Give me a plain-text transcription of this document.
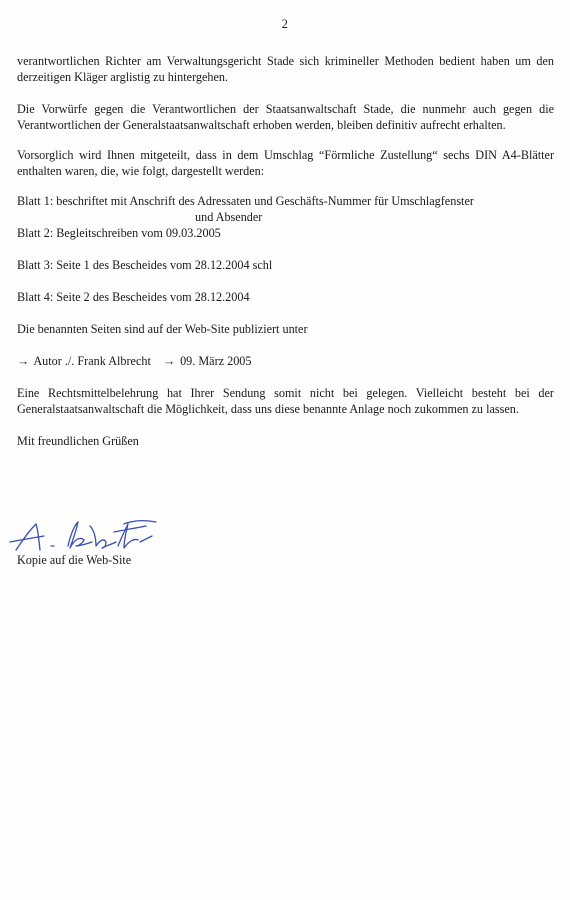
2

verantwortlichen Richter am Verwaltungsgericht Stade sich krimineller Methoden bedient haben um den derzeitigen Kläger arglistig zu hintergehen.

Die Vorwürfe gegen die Verantwortlichen der Staatsanwaltschaft Stade, die nunmehr auch gegen die Verantwortlichen der Generalstaatsanwaltschaft erhoben werden, bleiben definitiv aufrecht erhalten.

Vorsorglich wird Ihnen mitgeteilt, dass in dem Umschlag “Förmliche Zustellung“ sechs DIN A4-Blätter enthalten waren, die, wie folgt, dargestellt werden:

Blatt 1: beschriftet mit Anschrift des Adressaten und Geschäfts-Nummer für Umschlagfenster

und Absender

Blatt 2: Begleitschreiben vom 09.03.2005

Blatt 3: Seite 1 des Bescheides vom 28.12.2004 schl

Blatt 4: Seite 2 des Bescheides vom 28.12.2004

Die benannten Seiten sind auf der Web-Site publiziert unter

→ Autor ./. Frank Albrecht → 09. März 2005

Eine Rechtsmittelbelehrung hat Ihrer Sendung somit nicht bei gelegen. Vielleicht besteht bei der Generalstaatsanwaltschaft die Möglichkeit, dass uns diese benannte Anlage noch zukommen zu lassen.

Mit freundlichen Grüßen

Kopie auf die Web-Site
